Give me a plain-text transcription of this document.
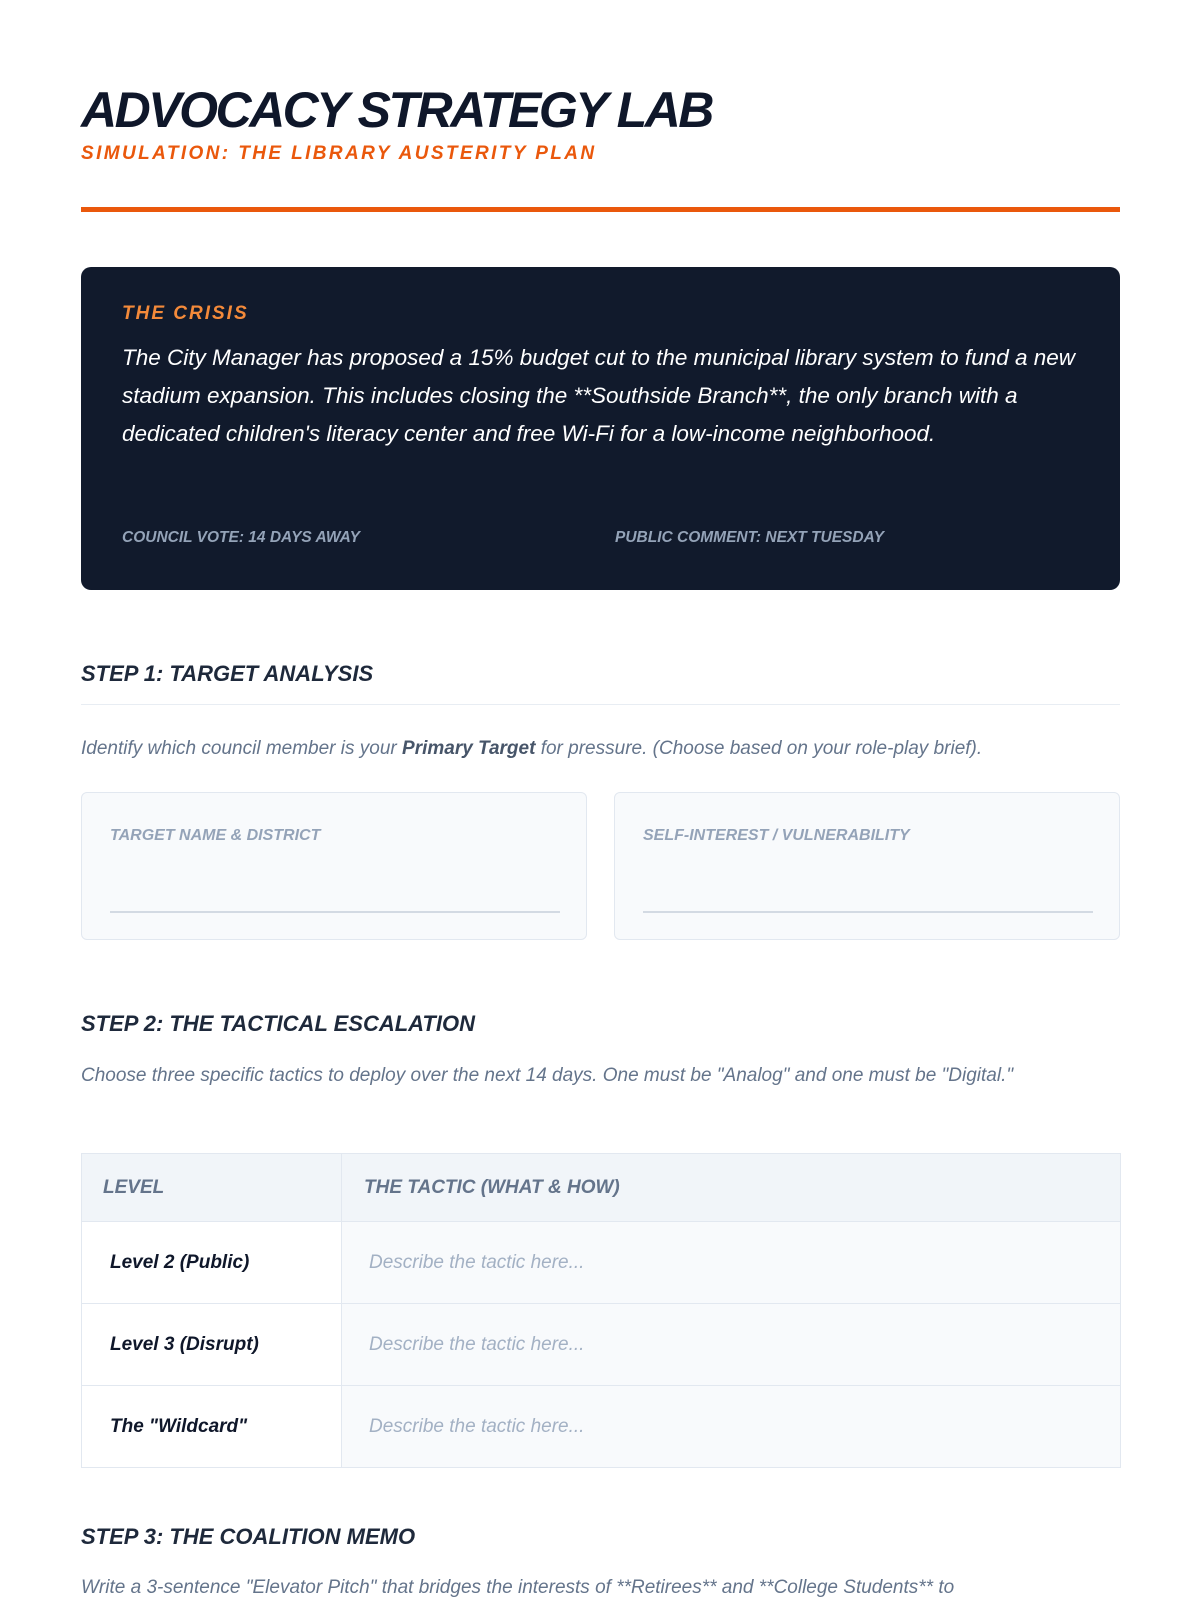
ADVOCACY STRATEGY LAB
SIMULATION: THE LIBRARY AUSTERITY PLAN
THE CRISIS

The City Manager has proposed a 15% budget cut to the municipal library system to fund a new stadium expansion. This includes closing the **Southside Branch**, the only branch with a dedicated children's literacy center and free Wi-Fi for a low-income neighborhood.

COUNCIL VOTE: 14 DAYS AWAY	PUBLIC COMMENT: NEXT TUESDAY
STEP 1: TARGET ANALYSIS

Identify which council member is your Primary Target for pressure. (Choose based on your role-play brief).

TARGET NAME & DISTRICT	SELF-INTEREST / VULNERABILITY
STEP 2: THE TACTICAL ESCALATION

Choose three specific tactics to deploy over the next 14 days. One must be "Analog" and one must be "Digital."

LEVEL	THE TACTIC (WHAT & HOW)
Level 2 (Public)	Describe the tactic here...
Level 3 (Disrupt)	Describe the tactic here...
The "Wildcard"	Describe the tactic here...
STEP 3: THE COALITION MEMO

Write a 3-sentence "Elevator Pitch" that bridges the interests of **Retirees** and **College Students** to
